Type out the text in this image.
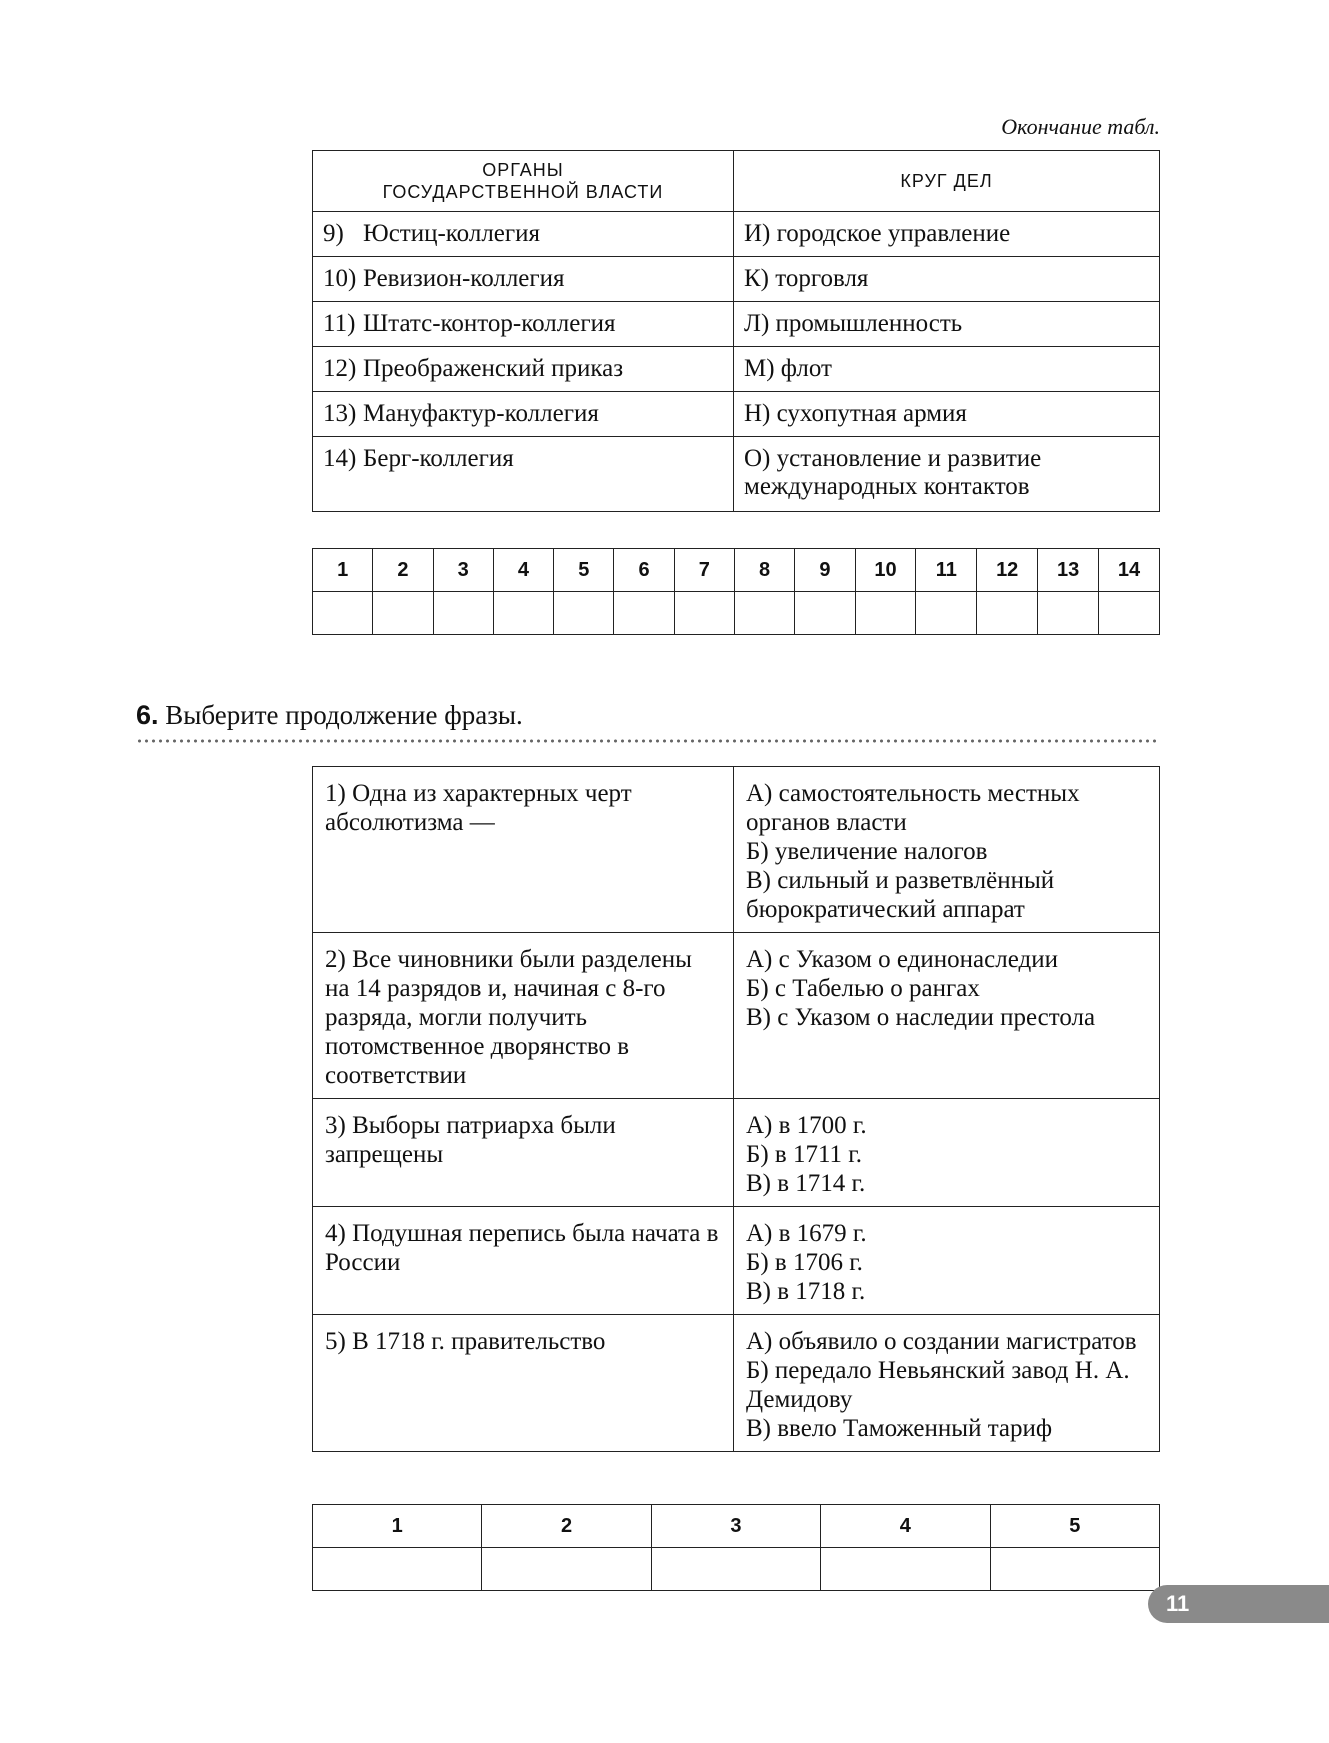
Окончание табл.
ОРГАНЫ
ГОСУДАРСТВЕННОЙ ВЛАСТИ	КРУГ ДЕЛ
9) Юстиц-коллегия	И) городское управление
10) Ревизион-коллегия	К) торговля
11) Штатс-контор-коллегия	Л) промышленность
12) Преображенский приказ	М) флот
13) Мануфактур-коллегия	Н) сухопутная армия
14) Берг-коллегия	О) установление и развитие международных контактов
1	2	3	4	5	6	7	8	9	10	11	12	13	14

6. Выберите продолжение фразы.
1) Одна из характерных черт абсолютизма —	А) самостоятельность местных органов власти
Б) увеличение налогов
В) сильный и разветвлённый бюрократический аппарат

2) Все чиновники были разделены на 14 разрядов и, начиная с 8-го разряда, могли получить потомственное дворянство в соответствии	А) с Указом о единонаследии
Б) с Табелью о рангах
В) с Указом о наследии престола

3) Выборы патриарха были запрещены	А) в 1700 г.
Б) в 1711 г.
В) в 1714 г.

4) Подушная перепись была начата в России	А) в 1679 г.
Б) в 1706 г.
В) в 1718 г.

5) В 1718 г. правительство	А) объявило о создании магистратов
Б) передало Невьянский завод Н. А. Демидову
В) ввело Таможенный тариф
1	2	3	4	5

11
